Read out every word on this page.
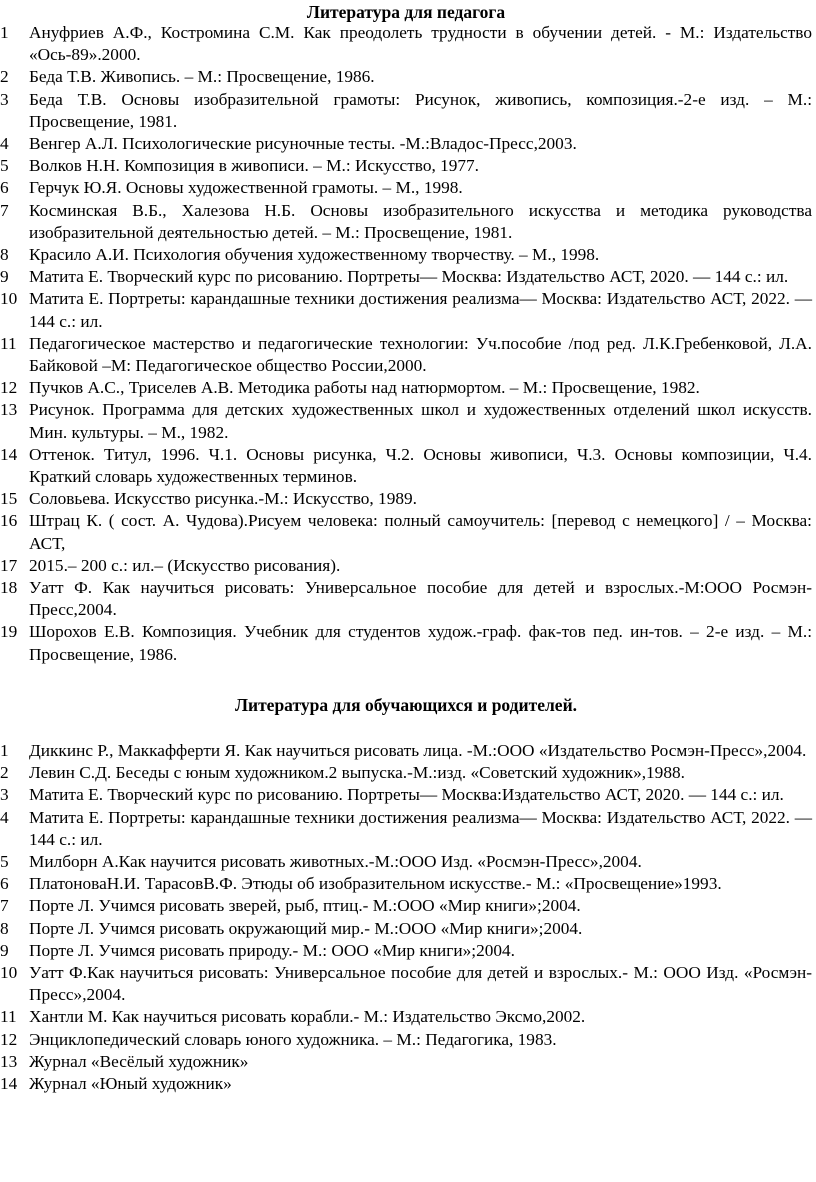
Литература для педагога
1 Ануфриев А.Ф., Костромина С.М. Как преодолеть трудности в обучении детей. - М.: Издательство «Ось-89».2000.
2 Беда Т.В. Живопись. – М.: Просвещение, 1986.
3 Беда Т.В. Основы изобразительной грамоты: Рисунок, живопись, композиция.-2-е изд. – М.: Просвещение, 1981.
4 Венгер А.Л. Психологические рисуночные тесты. -М.:Владос-Пресс,2003.
5 Волков Н.Н. Композиция в живописи. – М.: Искусство, 1977.
6 Герчук Ю.Я. Основы художественной грамоты. – М., 1998.
7 Косминская В.Б., Халезова Н.Б. Основы изобразительного искусства и методика руководства изобразительной деятельностью детей. – М.: Просвещение, 1981.
8 Красило А.И. Психология обучения художественному творчеству. – М., 1998.
9 Матита Е. Творческий курс по рисованию. Портреты— Москва: Издательство АСТ, 2020. — 144 с.: ил.
10 Матита Е. Портреты: карандашные техники достижения реализма— Москва: Издательство АСТ, 2022. — 144 с.: ил.
11 Педагогическое мастерство и педагогические технологии: Уч.пособие /под ред. Л.К.Гребенковой, Л.А. Байковой –М: Педагогическое общество России,2000.
12 Пучков А.С., Триселев А.В. Методика работы над натюрмортом. – М.: Просвещение, 1982.
13 Рисунок. Программа для детских художественных школ и художественных отделений школ искусств. Мин. культуры. – М., 1982.
14 Оттенок. Титул, 1996. Ч.1. Основы рисунка, Ч.2. Основы живописи, Ч.3. Основы композиции, Ч.4. Краткий словарь художественных терминов.
15 Соловьева. Искусство рисунка.-М.: Искусство, 1989.
16 Штрац К. ( сост. А. Чудова).Рисуем человека: полный самоучитель: [перевод с немецкого] / – Москва: АСТ,
17 2015.– 200 с.: ил.– (Искусство рисования).
18 Уатт Ф. Как научиться рисовать: Универсальное пособие для детей и взрослых.-М:ООО Росмэн-Пресс,2004.
19 Шорохов Е.В. Композиция. Учебник для студентов худож.-граф. фак-тов пед. ин-тов. – 2-е изд. – М.: Просвещение, 1986.
Литература для обучающихся и родителей.
1 Диккинс Р., Маккафферти Я. Как научиться рисовать лица. -М.:ООО «Издательство Росмэн-Пресс»,2004.
2 Левин С.Д. Беседы с юным художником.2 выпуска.-М.:изд. «Советский художник»,1988.
3 Матита Е. Творческий курс по рисованию. Портреты— Москва:Издательство АСТ, 2020. — 144 с.: ил.
4 Матита Е. Портреты: карандашные техники достижения реализма— Москва: Издательство АСТ, 2022. — 144 с.: ил.
5 Милборн А.Как научится рисовать животных.-М.:ООО Изд. «Росмэн-Пресс»,2004.
6 ПлатоноваН.И. ТарасовВ.Ф. Этюды об изобразительном искусстве.- М.: «Просвещение»1993.
7 Порте Л. Учимся рисовать зверей, рыб, птиц.- М.:ООО «Мир книги»;2004.
8 Порте Л. Учимся рисовать окружающий мир.- М.:ООО «Мир книги»;2004.
9 Порте Л. Учимся рисовать природу.- М.: ООО «Мир книги»;2004.
10 Уатт Ф.Как научиться рисовать: Универсальное пособие для детей и взрослых.- М.: ООО Изд. «Росмэн-Пресс»,2004.
11 Хантли М. Как научиться рисовать корабли.- М.: Издательство Эксмо,2002.
12 Энциклопедический словарь юного художника. – М.: Педагогика, 1983.
13 Журнал «Весёлый художник»
14 Журнал «Юный художник»
